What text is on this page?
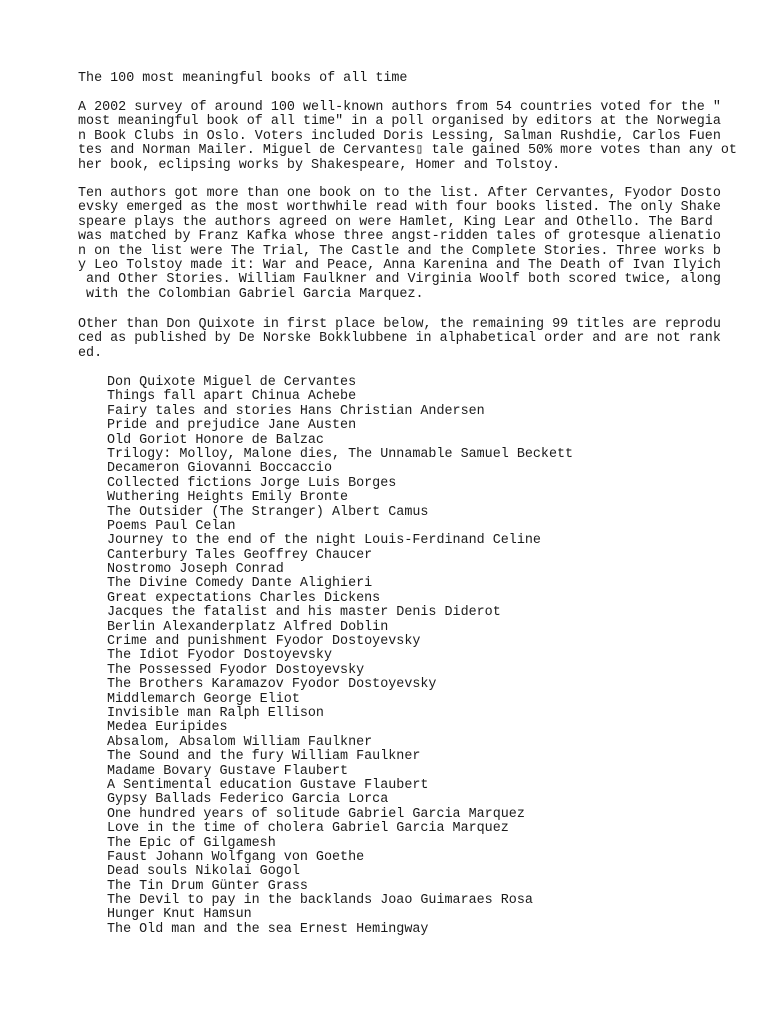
The 100 most meaningful books of all time
A 2002 survey of around 100 well-known authors from 54 countries voted for the "
most meaningful book of all time" in a poll organised by editors at the Norwegia
n Book Clubs in Oslo. Voters included Doris Lessing, Salman Rushdie, Carlos Fuen
tes and Norman Mailer. Miguel de Cervantes▯ tale gained 50% more votes than any ot
her book, eclipsing works by Shakespeare, Homer and Tolstoy.
Ten authors got more than one book on to the list. After Cervantes, Fyodor Dosto
evsky emerged as the most worthwhile read with four books listed. The only Shake
speare plays the authors agreed on were Hamlet, King Lear and Othello. The Bard
was matched by Franz Kafka whose three angst-ridden tales of grotesque alienatio
n on the list were The Trial, The Castle and the Complete Stories. Three works b
y Leo Tolstoy made it: War and Peace, Anna Karenina and The Death of Ivan Ilyich
and Other Stories. William Faulkner and Virginia Woolf both scored twice, along
with the Colombian Gabriel Garcia Marquez.
Other than Don Quixote in first place below, the remaining 99 titles are reprodu
ced as published by De Norske Bokklubbene in alphabetical order and are not rank
ed.
Don Quixote Miguel de Cervantes
Things fall apart Chinua Achebe
Fairy tales and stories Hans Christian Andersen
Pride and prejudice Jane Austen
Old Goriot Honore de Balzac
Trilogy: Molloy, Malone dies, The Unnamable Samuel Beckett
Decameron Giovanni Boccaccio
Collected fictions Jorge Luis Borges
Wuthering Heights Emily Bronte
The Outsider (The Stranger) Albert Camus
Poems Paul Celan
Journey to the end of the night Louis-Ferdinand Celine
Canterbury Tales Geoffrey Chaucer
Nostromo Joseph Conrad
The Divine Comedy Dante Alighieri
Great expectations Charles Dickens
Jacques the fatalist and his master Denis Diderot
Berlin Alexanderplatz Alfred Doblin
Crime and punishment Fyodor Dostoyevsky
The Idiot Fyodor Dostoyevsky
The Possessed Fyodor Dostoyevsky
The Brothers Karamazov Fyodor Dostoyevsky
Middlemarch George Eliot
Invisible man Ralph Ellison
Medea Euripides
Absalom, Absalom William Faulkner
The Sound and the fury William Faulkner
Madame Bovary Gustave Flaubert
A Sentimental education Gustave Flaubert
Gypsy Ballads Federico Garcia Lorca
One hundred years of solitude Gabriel Garcia Marquez
Love in the time of cholera Gabriel Garcia Marquez
The Epic of Gilgamesh
Faust Johann Wolfgang von Goethe
Dead souls Nikolai Gogol
The Tin Drum Günter Grass
The Devil to pay in the backlands Joao Guimaraes Rosa
Hunger Knut Hamsun
The Old man and the sea Ernest Hemingway
